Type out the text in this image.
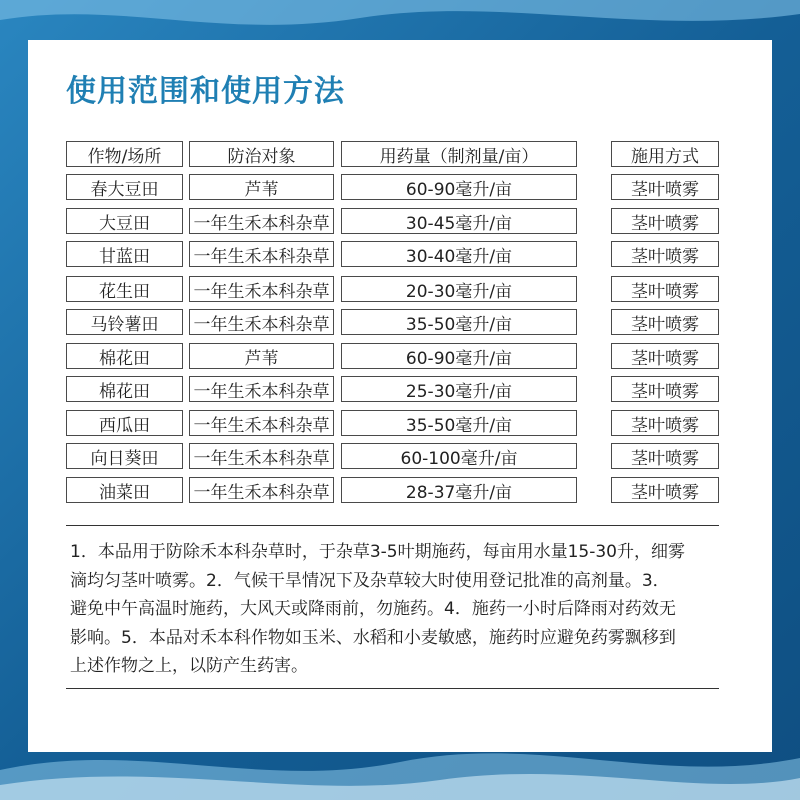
使用范围和使用方法
作物/场所	防治对象	用药量（制剂量/亩）	施用方式
春大豆田	芦苇	60-90毫升/亩	茎叶喷雾
大豆田	一年生禾本科杂草	30-45毫升/亩	茎叶喷雾
甘蓝田	一年生禾本科杂草	30-40毫升/亩	茎叶喷雾
花生田	一年生禾本科杂草	20-30毫升/亩	茎叶喷雾
马铃薯田	一年生禾本科杂草	35-50毫升/亩	茎叶喷雾
棉花田	芦苇	60-90毫升/亩	茎叶喷雾
棉花田	一年生禾本科杂草	25-30毫升/亩	茎叶喷雾
西瓜田	一年生禾本科杂草	35-50毫升/亩	茎叶喷雾
向日葵田	一年生禾本科杂草	60-100毫升/亩	茎叶喷雾
油菜田	一年生禾本科杂草	28-37毫升/亩	茎叶喷雾
1．本品用于防除禾本科杂草时，于杂草3-5叶期施药，每亩用水量15-30升，细雾
滴均匀茎叶喷雾。2．气候干旱情况下及杂草较大时使用登记批准的高剂量。3．
避免中午高温时施药，大风天或降雨前，勿施药。4．施药一小时后降雨对药效无
影响。5．本品对禾本科作物如玉米、水稻和小麦敏感，施药时应避免药雾飘移到
上述作物之上，以防产生药害。
